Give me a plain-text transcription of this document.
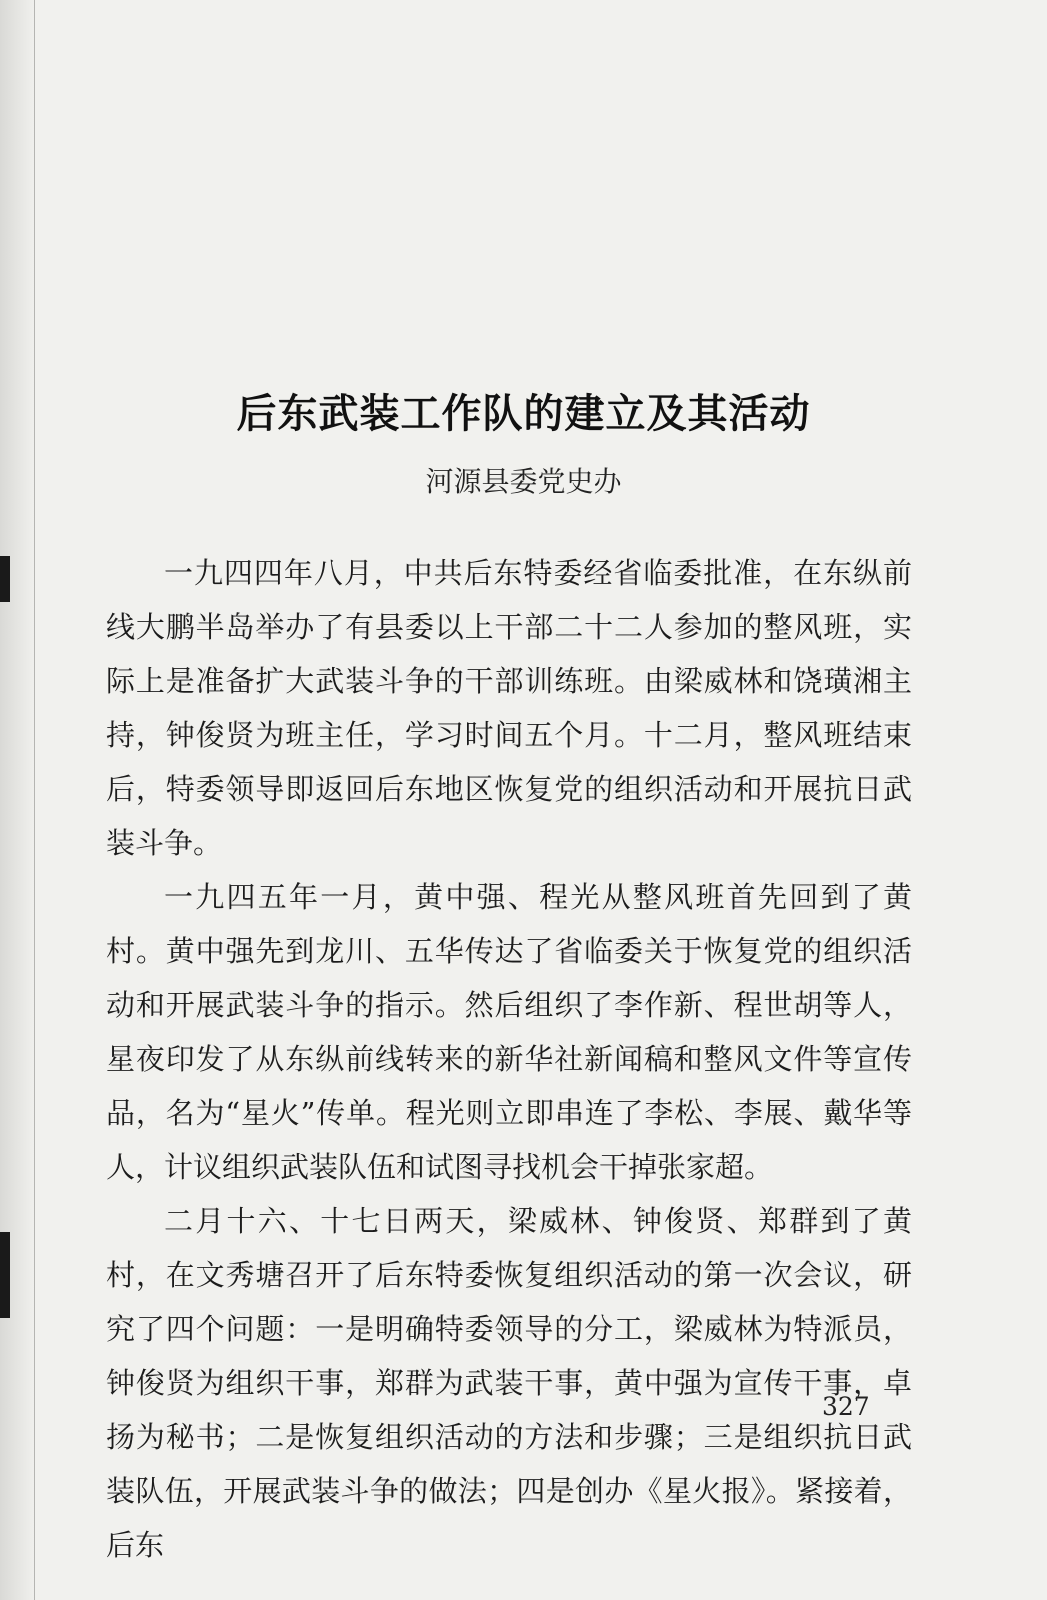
后东武装工作队的建立及其活动
河源县委党史办

一九四四年八月，中共后东特委经省临委批准，在东纵前线大鹏半岛举办了有县委以上干部二十二人参加的整风班，实际上是准备扩大武装斗争的干部训练班。由梁威林和饶璜湘主持，钟俊贤为班主任，学习时间五个月。十二月，整风班结束后，特委领导即返回后东地区恢复党的组织活动和开展抗日武装斗争。

一九四五年一月，黄中强、程光从整风班首先回到了黄村。黄中强先到龙川、五华传达了省临委关于恢复党的组织活动和开展武装斗争的指示。然后组织了李作新、程世胡等人，星夜印发了从东纵前线转来的新华社新闻稿和整风文件等宣传品，名为“星火”传单。程光则立即串连了李松、李展、戴华等人，计议组织武装队伍和试图寻找机会干掉张家超。

二月十六、十七日两天，梁威林、钟俊贤、郑群到了黄村，在文秀塘召开了后东特委恢复组织活动的第一次会议，研究了四个问题：一是明确特委领导的分工，梁威林为特派员，钟俊贤为组织干事，郑群为武装干事，黄中强为宣传干事，卓扬为秘书；二是恢复组织活动的方法和步骤；三是组织抗日武装队伍，开展武装斗争的做法；四是创办《星火报》。紧接着，后东

327
